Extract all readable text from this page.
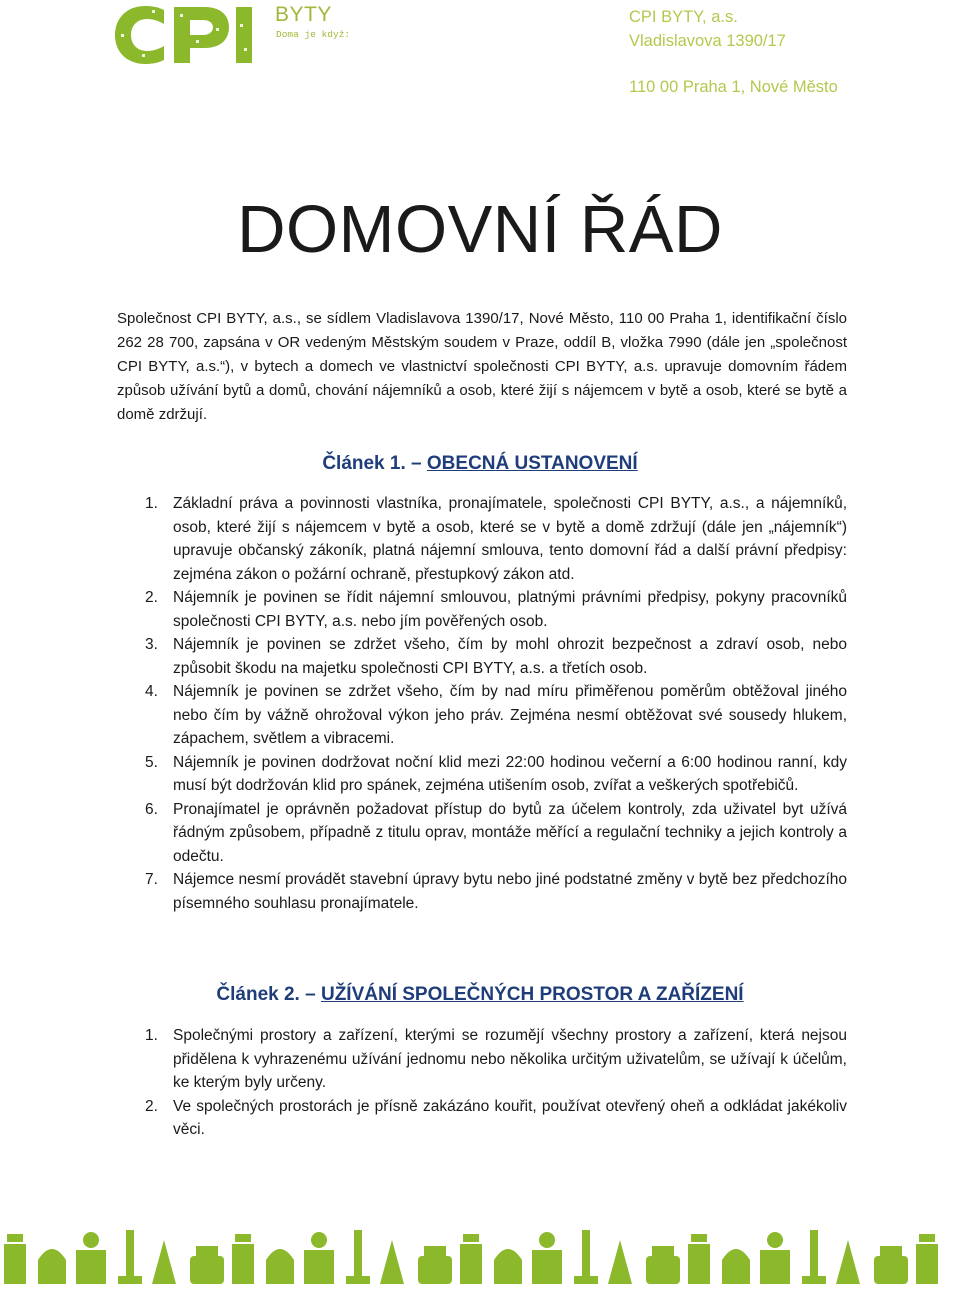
BYTY
Doma je když:
CPI BYTY, a.s.
Vladislavova 1390/17
110 00 Praha 1, Nové Město
DOMOVNÍ ŘÁD

Společnost CPI BYTY, a.s., se sídlem Vladislavova 1390/17, Nové Město, 110 00 Praha 1, identifikační číslo 262 28 700, zapsána v OR vedeným Městským soudem v Praze, oddíl B, vložka 7990 (dále jen „společnost CPI BYTY, a.s.“), v bytech a domech ve vlastnictví společnosti CPI BYTY, a.s. upravuje domovním řádem způsob užívání bytů a domů, chování nájemníků a osob, které žijí s nájemcem v bytě a osob, které se bytě a domě zdržují.

Článek 1. – OBECNÁ USTANOVENÍ
1. Základní práva a povinnosti vlastníka, pronajímatele, společnosti CPI BYTY, a.s., a nájemníků, osob, které žijí s nájemcem v bytě a osob, které se v bytě a domě zdržují (dále jen „nájemník“) upravuje občanský zákoník, platná nájemní smlouva, tento domovní řád a další právní předpisy: zejména zákon o požární ochraně, přestupkový zákon atd.
2. Nájemník je povinen se řídit nájemní smlouvou, platnými právními předpisy, pokyny pracovníků společnosti CPI BYTY, a.s. nebo jím pověřených osob.
3. Nájemník je povinen se zdržet všeho, čím by mohl ohrozit bezpečnost a zdraví osob, nebo způsobit škodu na majetku společnosti CPI BYTY, a.s. a třetích osob.
4. Nájemník je povinen se zdržet všeho, čím by nad míru přiměřenou poměrům obtěžoval jiného nebo čím by vážně ohrožoval výkon jeho práv. Zejména nesmí obtěžovat své sousedy hlukem, zápachem, světlem a vibracemi.
5. Nájemník je povinen dodržovat noční klid mezi 22:00 hodinou večerní a 6:00 hodinou ranní, kdy musí být dodržován klid pro spánek, zejména utišením osob, zvířat a veškerých spotřebičů.
6. Pronajímatel je oprávněn požadovat přístup do bytů za účelem kontroly, zda uživatel byt užívá řádným způsobem, případně z titulu oprav, montáže měřící a regulační techniky a jejich kontroly a odečtu.
7. Nájemce nesmí provádět stavební úpravy bytu nebo jiné podstatné změny v bytě bez předchozího písemného souhlasu pronajímatele.
Článek 2. – UŽÍVÁNÍ SPOLEČNÝCH PROSTOR A ZAŘÍZENÍ
1. Společnými prostory a zařízení, kterými se rozumějí všechny prostory a zařízení, která nejsou přidělena k vyhrazenému užívání jednomu nebo několika určitým uživatelům, se užívají k účelům, ke kterým byly určeny.
2. Ve společných prostorách je přísně zakázáno kouřit, používat otevřený oheň a odkládat jakékoliv věci.
